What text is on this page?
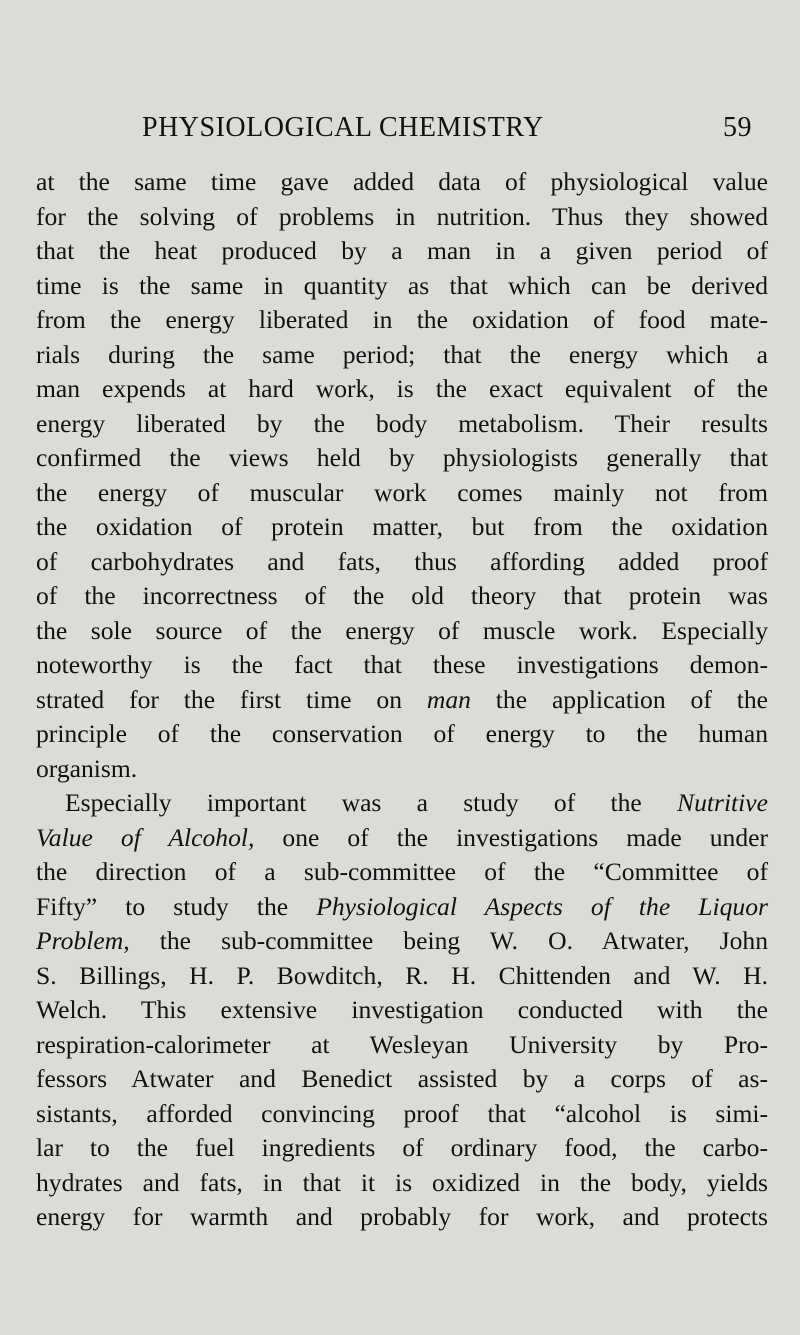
PHYSIOLOGICAL CHEMISTRY	59
at the same time gave added data of physiological value
for the solving of problems in nutrition. Thus they showed
that the heat produced by a man in a given period of
time is the same in quantity as that which can be derived
from the energy liberated in the oxidation of food mate-
rials during the same period; that the energy which a
man expends at hard work, is the exact equivalent of the
energy liberated by the body metabolism. Their results
confirmed the views held by physiologists generally that
the energy of muscular work comes mainly not from
the oxidation of protein matter, but from the oxidation
of carbohydrates and fats, thus affording added proof
of the incorrectness of the old theory that protein was
the sole source of the energy of muscle work. Especially
noteworthy is the fact that these investigations demon-
strated for the first time on man the application of the
principle of the conservation of energy to the human
organism.
Especially important was a study of the Nutritive
Value of Alcohol, one of the investigations made under
the direction of a sub-committee of the “Committee of
Fifty” to study the Physiological Aspects of the Liquor
Problem, the sub-committee being W. O. Atwater, John
S. Billings, H. P. Bowditch, R. H. Chittenden and W. H.
Welch. This extensive investigation conducted with the
respiration-calorimeter at Wesleyan University by Pro-
fessors Atwater and Benedict assisted by a corps of as-
sistants, afforded convincing proof that “alcohol is simi-
lar to the fuel ingredients of ordinary food, the carbo-
hydrates and fats, in that it is oxidized in the body, yields
energy for warmth and probably for work, and protects
